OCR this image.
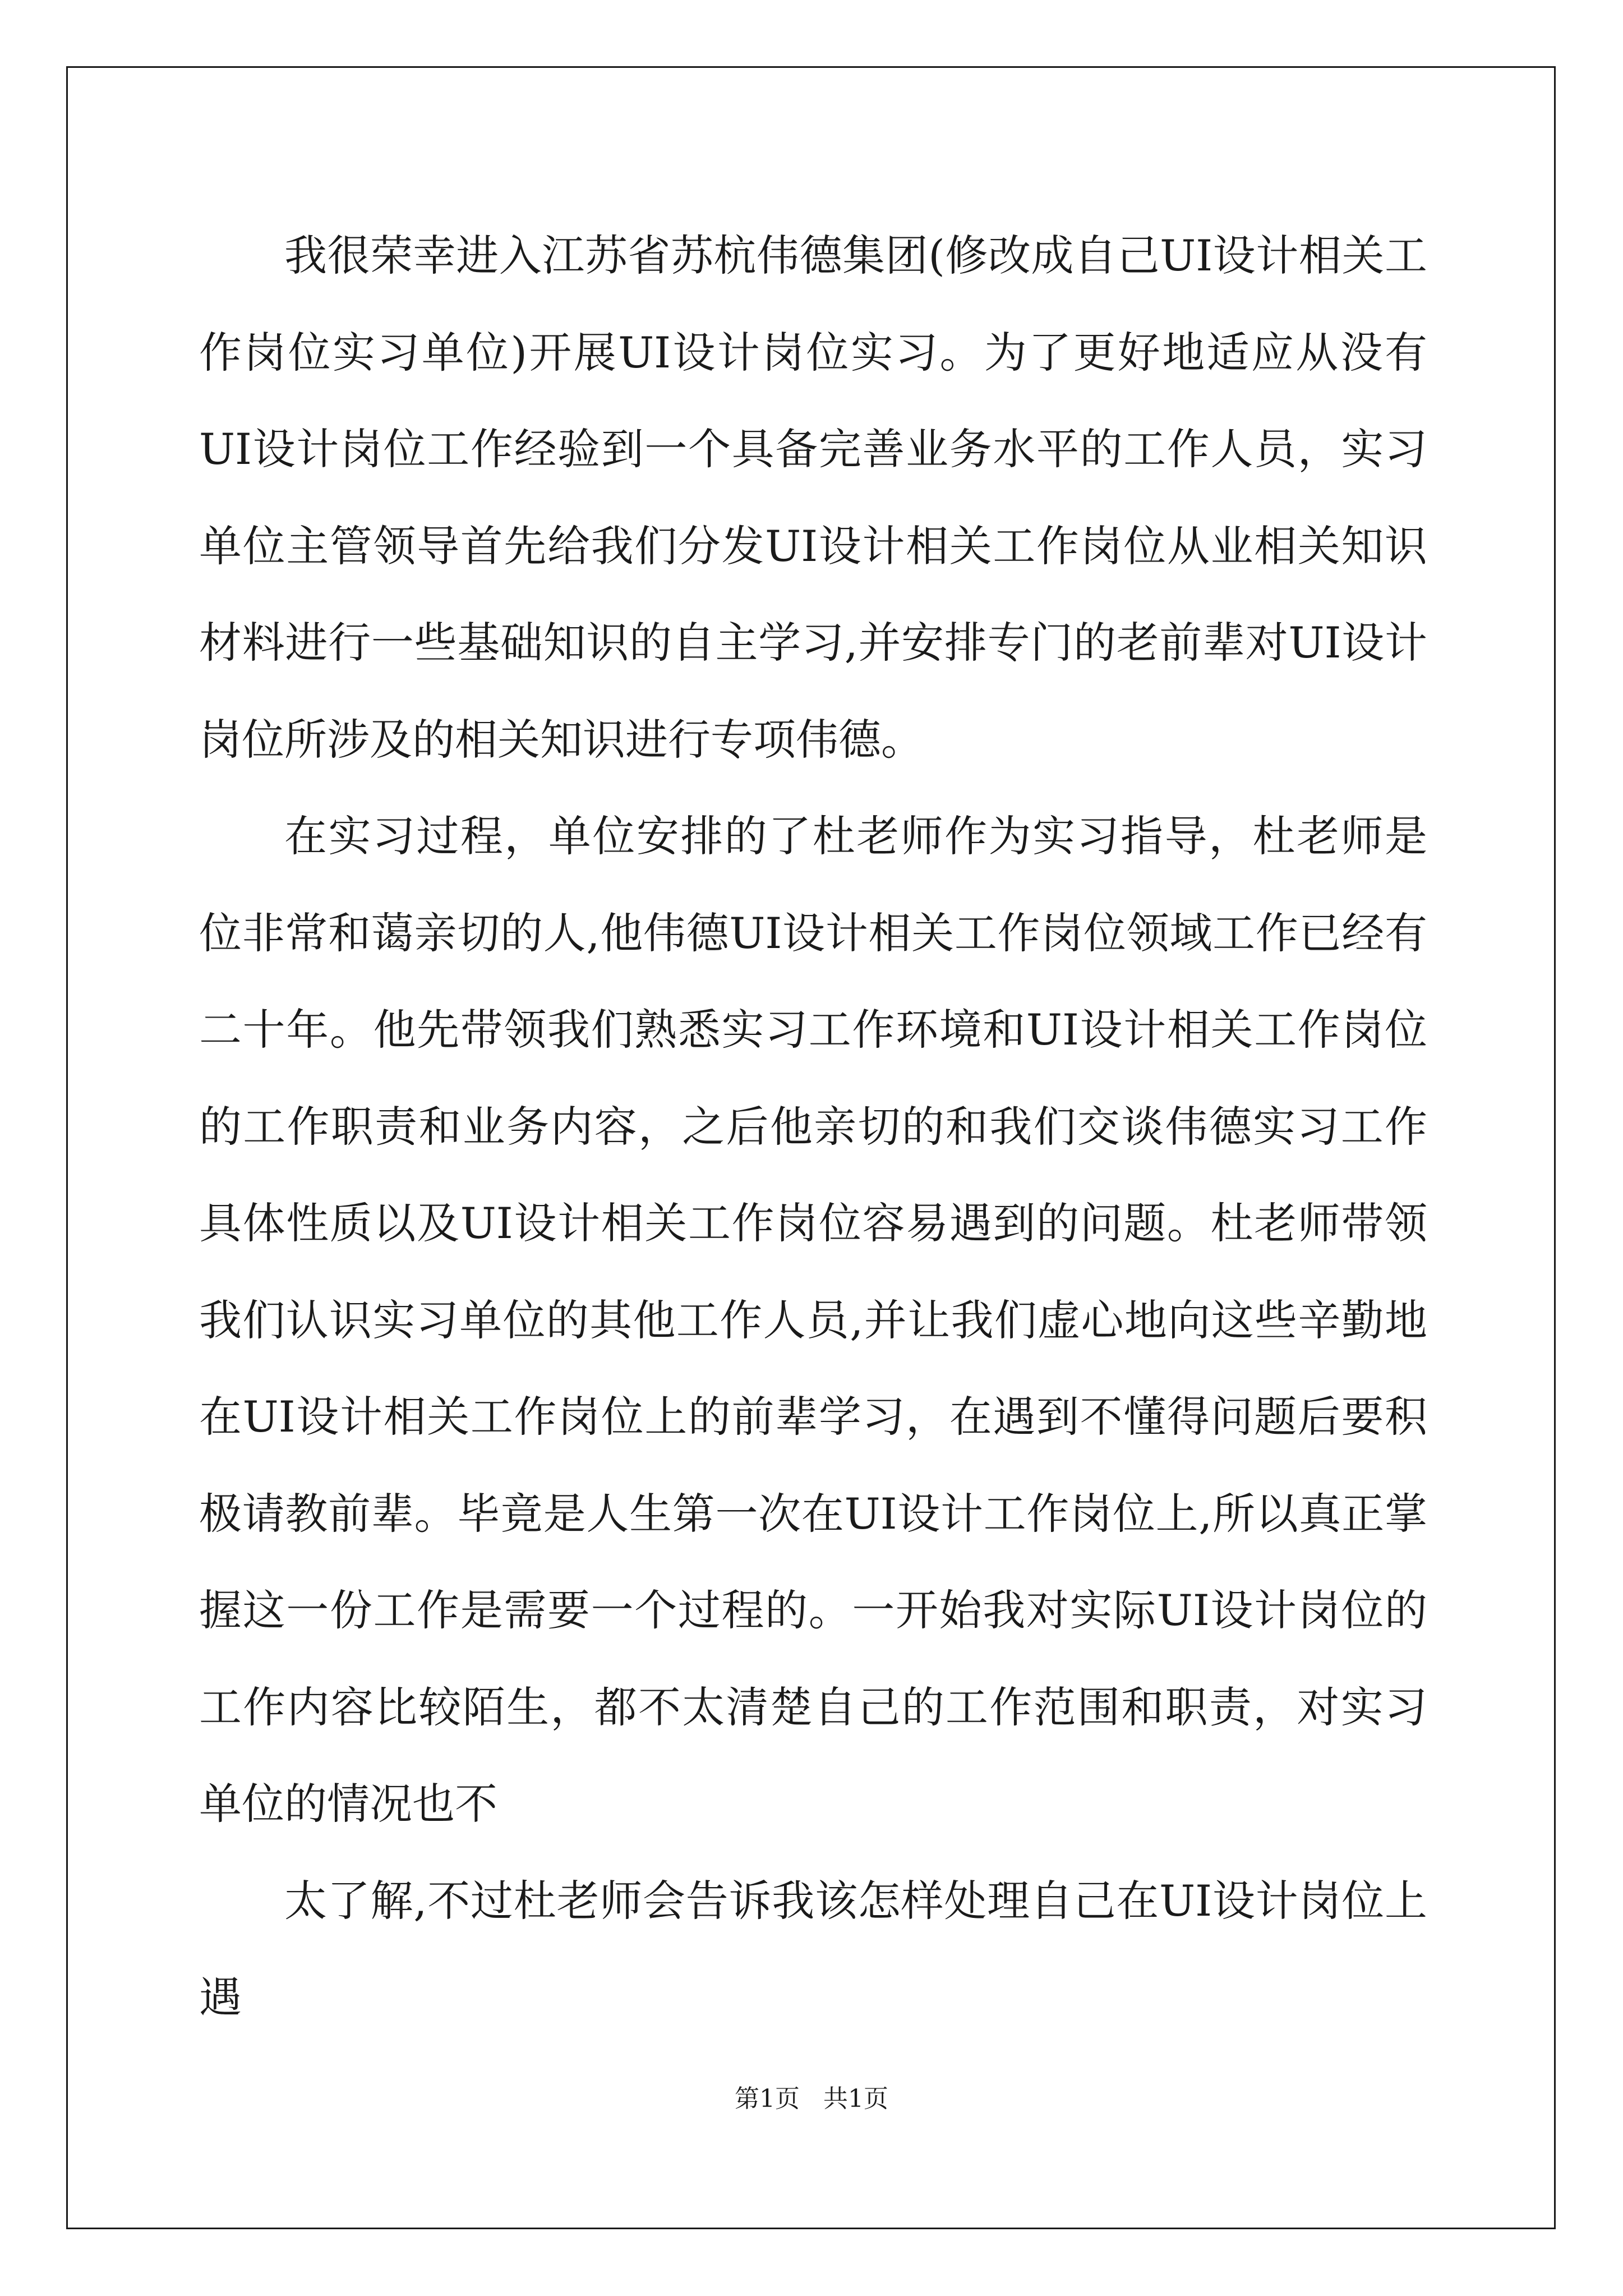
我很荣幸进入江苏省苏杭伟德集团(修改成自己UI设计相关工作岗位实习单位)开展UI设计岗位实习。为了更好地适应从没有UI设计岗位工作经验到一个具备完善业务水平的工作人员，实习单位主管领导首先给我们分发UI设计相关工作岗位从业相关知识材料进行一些基础知识的自主学习,并安排专门的老前辈对UI设计岗位所涉及的相关知识进行专项伟德。

在实习过程，单位安排的了杜老师作为实习指导，杜老师是位非常和蔼亲切的人,他伟德UI设计相关工作岗位领域工作已经有二十年。他先带领我们熟悉实习工作环境和UI设计相关工作岗位的工作职责和业务内容，之后他亲切的和我们交谈伟德实习工作具体性质以及UI设计相关工作岗位容易遇到的问题。杜老师带领我们认识实习单位的其他工作人员,并让我们虚心地向这些辛勤地在UI设计相关工作岗位上的前辈学习，在遇到不懂得问题后要积极请教前辈。毕竟是人生第一次在UI设计工作岗位上,所以真正掌握这一份工作是需要一个过程的。一开始我对实际UI设计岗位的工作内容比较陌生，都不太清楚自己的工作范围和职责，对实习单位的情况也不

太了解,不过杜老师会告诉我该怎样处理自己在UI设计岗位上遇

第1页   共1页
